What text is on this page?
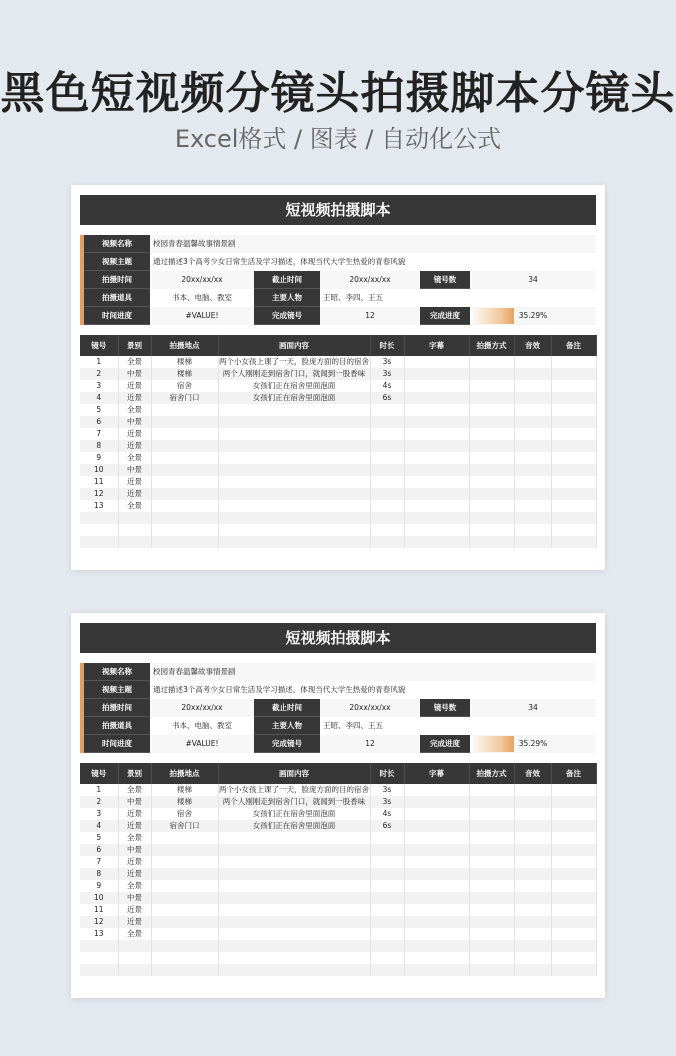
黑色短视频分镜头拍摄脚本分镜头
Excel格式 / 图表 / 自动化公式
短视频拍摄脚本
视频名称	校园青春温馨故事情景剧
视频主题	通过描述3个高考少女日常生活及学习描述，体现当代大学生热爱的青春风貌
拍摄时间	20xx/xx/xx	截止时间	20xx/xx/xx	镜号数	34
拍摄道具	书本、电脑、教室	主要人物	王昭、李四、王五
时间进度	#VALUE!	完成镜号	12	完成进度	35.29%
镜号	景别	拍摄地点	画面内容	时长	字幕	拍摄方式	音效	备注
1	全景	楼梯	两个小女孩上课了一天，脸庞方面的目的宿舍	3s				
2	中景	楼梯	两个人刚刚走到宿舍门口，就闻到一股香味	3s				
3	近景	宿舍	女孩们正在宿舍里面泡面	4s				
4	近景	宿舍门口	女孩们正在宿舍里面泡面	6s				
5	全景							
6	中景							
7	近景							
8	近景							
9	全景							
10	中景							
11	近景							
12	近景							
13	全景							

短视频拍摄脚本
视频名称	校园青春温馨故事情景剧
视频主题	通过描述3个高考少女日常生活及学习描述，体现当代大学生热爱的青春风貌
拍摄时间	20xx/xx/xx	截止时间	20xx/xx/xx	镜号数	34
拍摄道具	书本、电脑、教室	主要人物	王昭、李四、王五
时间进度	#VALUE!	完成镜号	12	完成进度	35.29%
镜号	景别	拍摄地点	画面内容	时长	字幕	拍摄方式	音效	备注
1	全景	楼梯	两个小女孩上课了一天，脸庞方面的目的宿舍	3s				
2	中景	楼梯	两个人刚刚走到宿舍门口，就闻到一股香味	3s				
3	近景	宿舍	女孩们正在宿舍里面泡面	4s				
4	近景	宿舍门口	女孩们正在宿舍里面泡面	6s				
5	全景							
6	中景							
7	近景							
8	近景							
9	全景							
10	中景							
11	近景							
12	近景							
13	全景							
